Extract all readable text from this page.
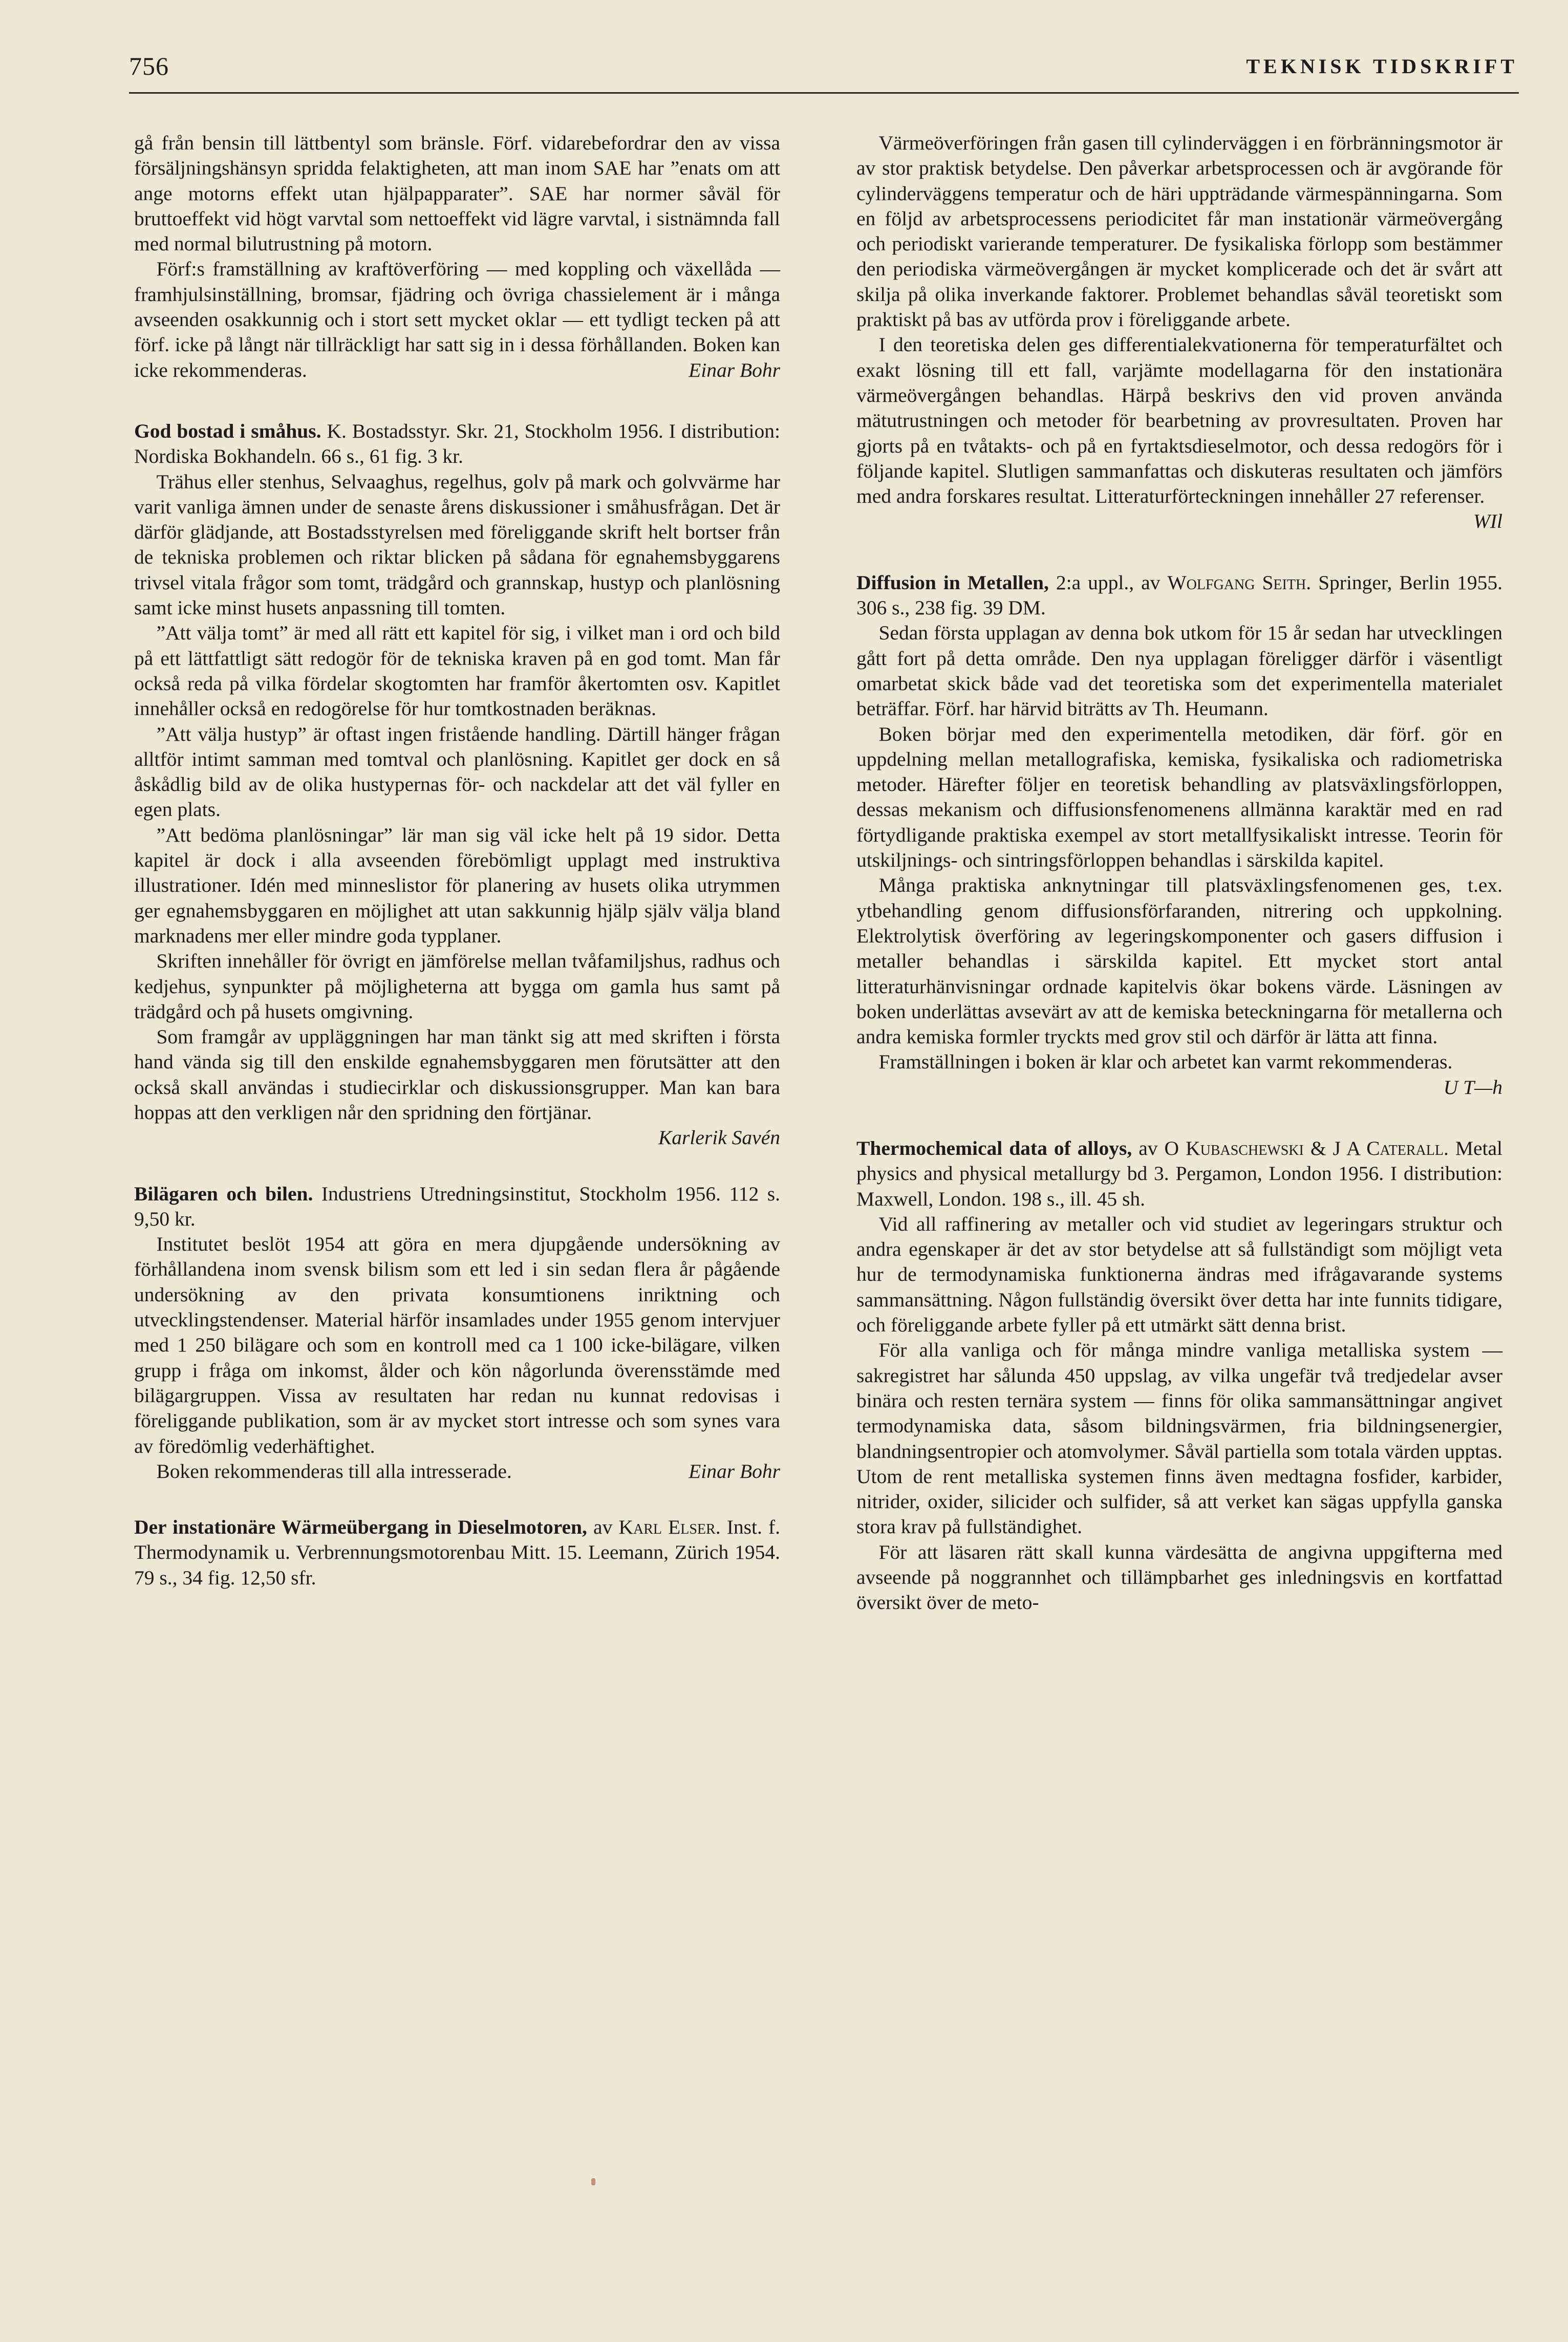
756	TEKNISK TIDSKRIFT

gå från bensin till lättbentyl som bränsle. Förf. vidarebefordrar den av vissa försäljningshänsyn spridda felaktigheten, att man inom SAE har ”enats om att ange motorns effekt utan hjälpapparater”. SAE har normer såväl för bruttoeffekt vid högt varvtal som nettoeffekt vid lägre varvtal, i sistnämnda fall med normal bilutrustning på motorn.

Förf:s framställning av kraftöverföring — med koppling och växellåda — framhjulsinställning, bromsar, fjädring och övriga chassielement är i många avseenden osakkunnig och i stort sett mycket oklar — ett tydligt tecken på att förf. icke på långt när tillräckligt har satt sig in i dessa förhållanden. Boken kan icke rekommenderas.	Einar Bohr

God bostad i småhus. K. Bostadsstyr. Skr. 21, Stockholm 1956. I distribution: Nordiska Bokhandeln. 66 s., 61 fig. 3 kr.

Trähus eller stenhus, Selvaaghus, regelhus, golv på mark och golvvärme har varit vanliga ämnen under de senaste årens diskussioner i småhusfrågan. Det är därför glädjande, att Bostadsstyrelsen med föreliggande skrift helt bortser från de tekniska problemen och riktar blicken på sådana för egnahemsbyggarens trivsel vitala frågor som tomt, trädgård och grannskap, hustyp och planlösning samt icke minst husets anpassning till tomten.

”Att välja tomt” är med all rätt ett kapitel för sig, i vilket man i ord och bild på ett lättfattligt sätt redogör för de tekniska kraven på en god tomt. Man får också reda på vilka fördelar skogtomten har framför åkertomten osv. Kapitlet innehåller också en redogörelse för hur tomtkostnaden beräknas.

”Att välja hustyp” är oftast ingen fristående handling. Därtill hänger frågan alltför intimt samman med tomtval och planlösning. Kapitlet ger dock en så åskådlig bild av de olika hustypernas för- och nackdelar att det väl fyller en egen plats.

”Att bedöma planlösningar” lär man sig väl icke helt på 19 sidor. Detta kapitel är dock i alla avseenden förebömligt upplagt med instruktiva illustrationer. Idén med minneslistor för planering av husets olika utrymmen ger egnahemsbyggaren en möjlighet att utan sakkunnig hjälp själv välja bland marknadens mer eller mindre goda typplaner.

Skriften innehåller för övrigt en jämförelse mellan tvåfamiljshus, radhus och kedjehus, synpunkter på möjligheterna att bygga om gamla hus samt på trädgård och på husets omgivning.

Som framgår av uppläggningen har man tänkt sig att med skriften i första hand vända sig till den enskilde egnahemsbyggaren men förutsätter att den också skall användas i studiecirklar och diskussionsgrupper. Man kan bara hoppas att den verkligen når den spridning den förtjänar.

Karlerik Savén

Bilägaren och bilen. Industriens Utredningsinstitut, Stockholm 1956. 112 s. 9,50 kr.

Institutet beslöt 1954 att göra en mera djupgående undersökning av förhållandena inom svensk bilism som ett led i sin sedan flera år pågående undersökning av den privata konsumtionens inriktning och utvecklingstendenser. Material härför insamlades under 1955 genom intervjuer med 1 250 bilägare och som en kontroll med ca 1 100 icke-bilägare, vilken grupp i fråga om inkomst, ålder och kön någorlunda överensstämde med bilägargruppen. Vissa av resultaten har redan nu kunnat redovisas i föreliggande publikation, som är av mycket stort intresse och som synes vara av föredömlig vederhäftighet.

Boken rekommenderas till alla intresserade.	Einar Bohr

Der instationäre Wärmeübergang in Dieselmotoren, av Karl Elser. Inst. f. Thermodynamik u. Verbrennungsmotorenbau Mitt. 15. Leemann, Zürich 1954. 79 s., 34 fig. 12,50 sfr.

Värmeöverföringen från gasen till cylinderväggen i en förbränningsmotor är av stor praktisk betydelse. Den påverkar arbetsprocessen och är avgörande för cylinderväggens temperatur och de häri uppträdande värmespänningarna. Som en följd av arbetsprocessens periodicitet får man instationär värmeövergång och periodiskt varierande temperaturer. De fysikaliska förlopp som bestämmer den periodiska värmeövergången är mycket komplicerade och det är svårt att skilja på olika inverkande faktorer. Problemet behandlas såväl teoretiskt som praktiskt på bas av utförda prov i föreliggande arbete.

I den teoretiska delen ges differentialekvationerna för temperaturfältet och exakt lösning till ett fall, varjämte modellagarna för den instationära värmeövergången behandlas. Härpå beskrivs den vid proven använda mätutrustningen och metoder för bearbetning av provresultaten. Proven har gjorts på en tvåtakts- och på en fyrtaktsdieselmotor, och dessa redogörs för i följande kapitel. Slutligen sammanfattas och diskuteras resultaten och jämförs med andra forskares resultat. Litteraturförteckningen innehåller 27 referenser.
WIl

Diffusion in Metallen, 2:a uppl., av Wolfgang Seith. Springer, Berlin 1955. 306 s., 238 fig. 39 DM.

Sedan första upplagan av denna bok utkom för 15 år sedan har utvecklingen gått fort på detta område. Den nya upplagan föreligger därför i väsentligt omarbetat skick både vad det teoretiska som det experimentella materialet beträffar. Förf. har härvid biträtts av Th. Heumann.

Boken börjar med den experimentella metodiken, där förf. gör en uppdelning mellan metallografiska, kemiska, fysikaliska och radiometriska metoder. Härefter följer en teoretisk behandling av platsväxlingsförloppen, dessas mekanism och diffusionsfenomenens allmänna karaktär med en rad förtydligande praktiska exempel av stort metallfysikaliskt intresse. Teorin för utskiljnings- och sintringsförloppen behandlas i särskilda kapitel.

Många praktiska anknytningar till platsväxlingsfenomenen ges, t.ex. ytbehandling genom diffusionsförfaranden, nitrering och uppkolning. Elektrolytisk överföring av legeringskomponenter och gasers diffusion i metaller behandlas i särskilda kapitel. Ett mycket stort antal litteraturhänvisningar ordnade kapitelvis ökar bokens värde. Läsningen av boken underlättas avsevärt av att de kemiska beteckningarna för metallerna och andra kemiska formler tryckts med grov stil och därför är lätta att finna.

Framställningen i boken är klar och arbetet kan varmt rekommenderas.
U T—h

Thermochemical data of alloys, av O Kubaschewski & J A Caterall. Metal physics and physical metallurgy bd 3. Pergamon, London 1956. I distribution: Maxwell, London. 198 s., ill. 45 sh.

Vid all raffinering av metaller och vid studiet av legeringars struktur och andra egenskaper är det av stor betydelse att så fullständigt som möjligt veta hur de termodynamiska funktionerna ändras med ifrågavarande systems sammansättning. Någon fullständig översikt över detta har inte funnits tidigare, och föreliggande arbete fyller på ett utmärkt sätt denna brist.

För alla vanliga och för många mindre vanliga metalliska system — sakregistret har sålunda 450 uppslag, av vilka ungefär två tredjedelar avser binära och resten ternära system — finns för olika sammansättningar angivet termodynamiska data, såsom bildningsvärmen, fria bildningsenergier, blandningsentropier och atomvolymer. Såväl partiella som totala värden upptas. Utom de rent metalliska systemen finns även medtagna fosfider, karbider, nitrider, oxider, silicider och sulfider, så att verket kan sägas uppfylla ganska stora krav på fullständighet.

För att läsaren rätt skall kunna värdesätta de angivna uppgifterna med avseende på noggrannhet och tillämpbarhet ges inledningsvis en kortfattad översikt över de meto-
